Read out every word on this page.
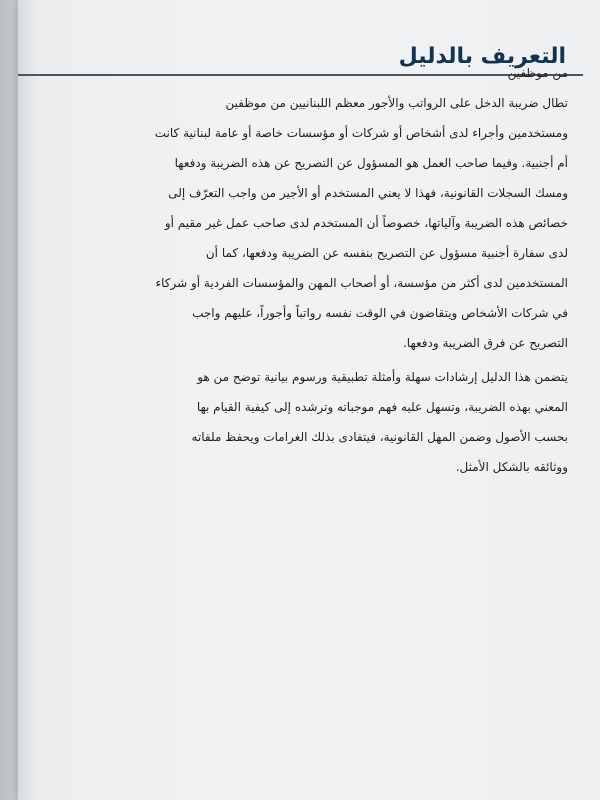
التعريف بالدليل
من موظفين
تطال ضريبة الدخل على الرواتب والأجور معظم اللبنانيين من موظفين
ومستخدمين وأجراء لدى أشخاص أو شركات أو مؤسسات خاصة أو عامة لبنانية كانت
أم أجنبية. وفيما صاحب العمل هو المسؤول عن التصريح عن هذه الضريبة ودفعها
ومسك السجلات القانونية، فهذا لا يعني المستخدم أو الأجير من واجب التعرّف إلى
خصائص هذه الضريبة وآلياتها، خصوصاً أن المستخدم لدى صاحب عمل غير مقيم أو
لدى سفارة أجنبية مسؤول عن التصريح بنفسه عن الضريبة ودفعها، كما أن
المستخدمين لدى أكثر من مؤسسة، أو أصحاب المهن والمؤسسات الفردية أو شركاء
في شركات الأشخاص ويتقاضون في الوقت نفسه رواتباً وأجوراً، عليهم واجب
التصريح عن فرق الضريبة ودفعها.
يتضمن هذا الدليل إرشادات سهلة وأمثلة تطبيقية ورسوم بيانية توضح من هو
المعني بهذه الضريبة، وتسهل عليه فهم موجباته وترشده إلى كيفية القيام بها
بحسب الأصول وضمن المهل القانونية، فيتفادى بذلك الغرامات ويحفظ ملفاته
ووثائقه بالشكل الأمثل.
